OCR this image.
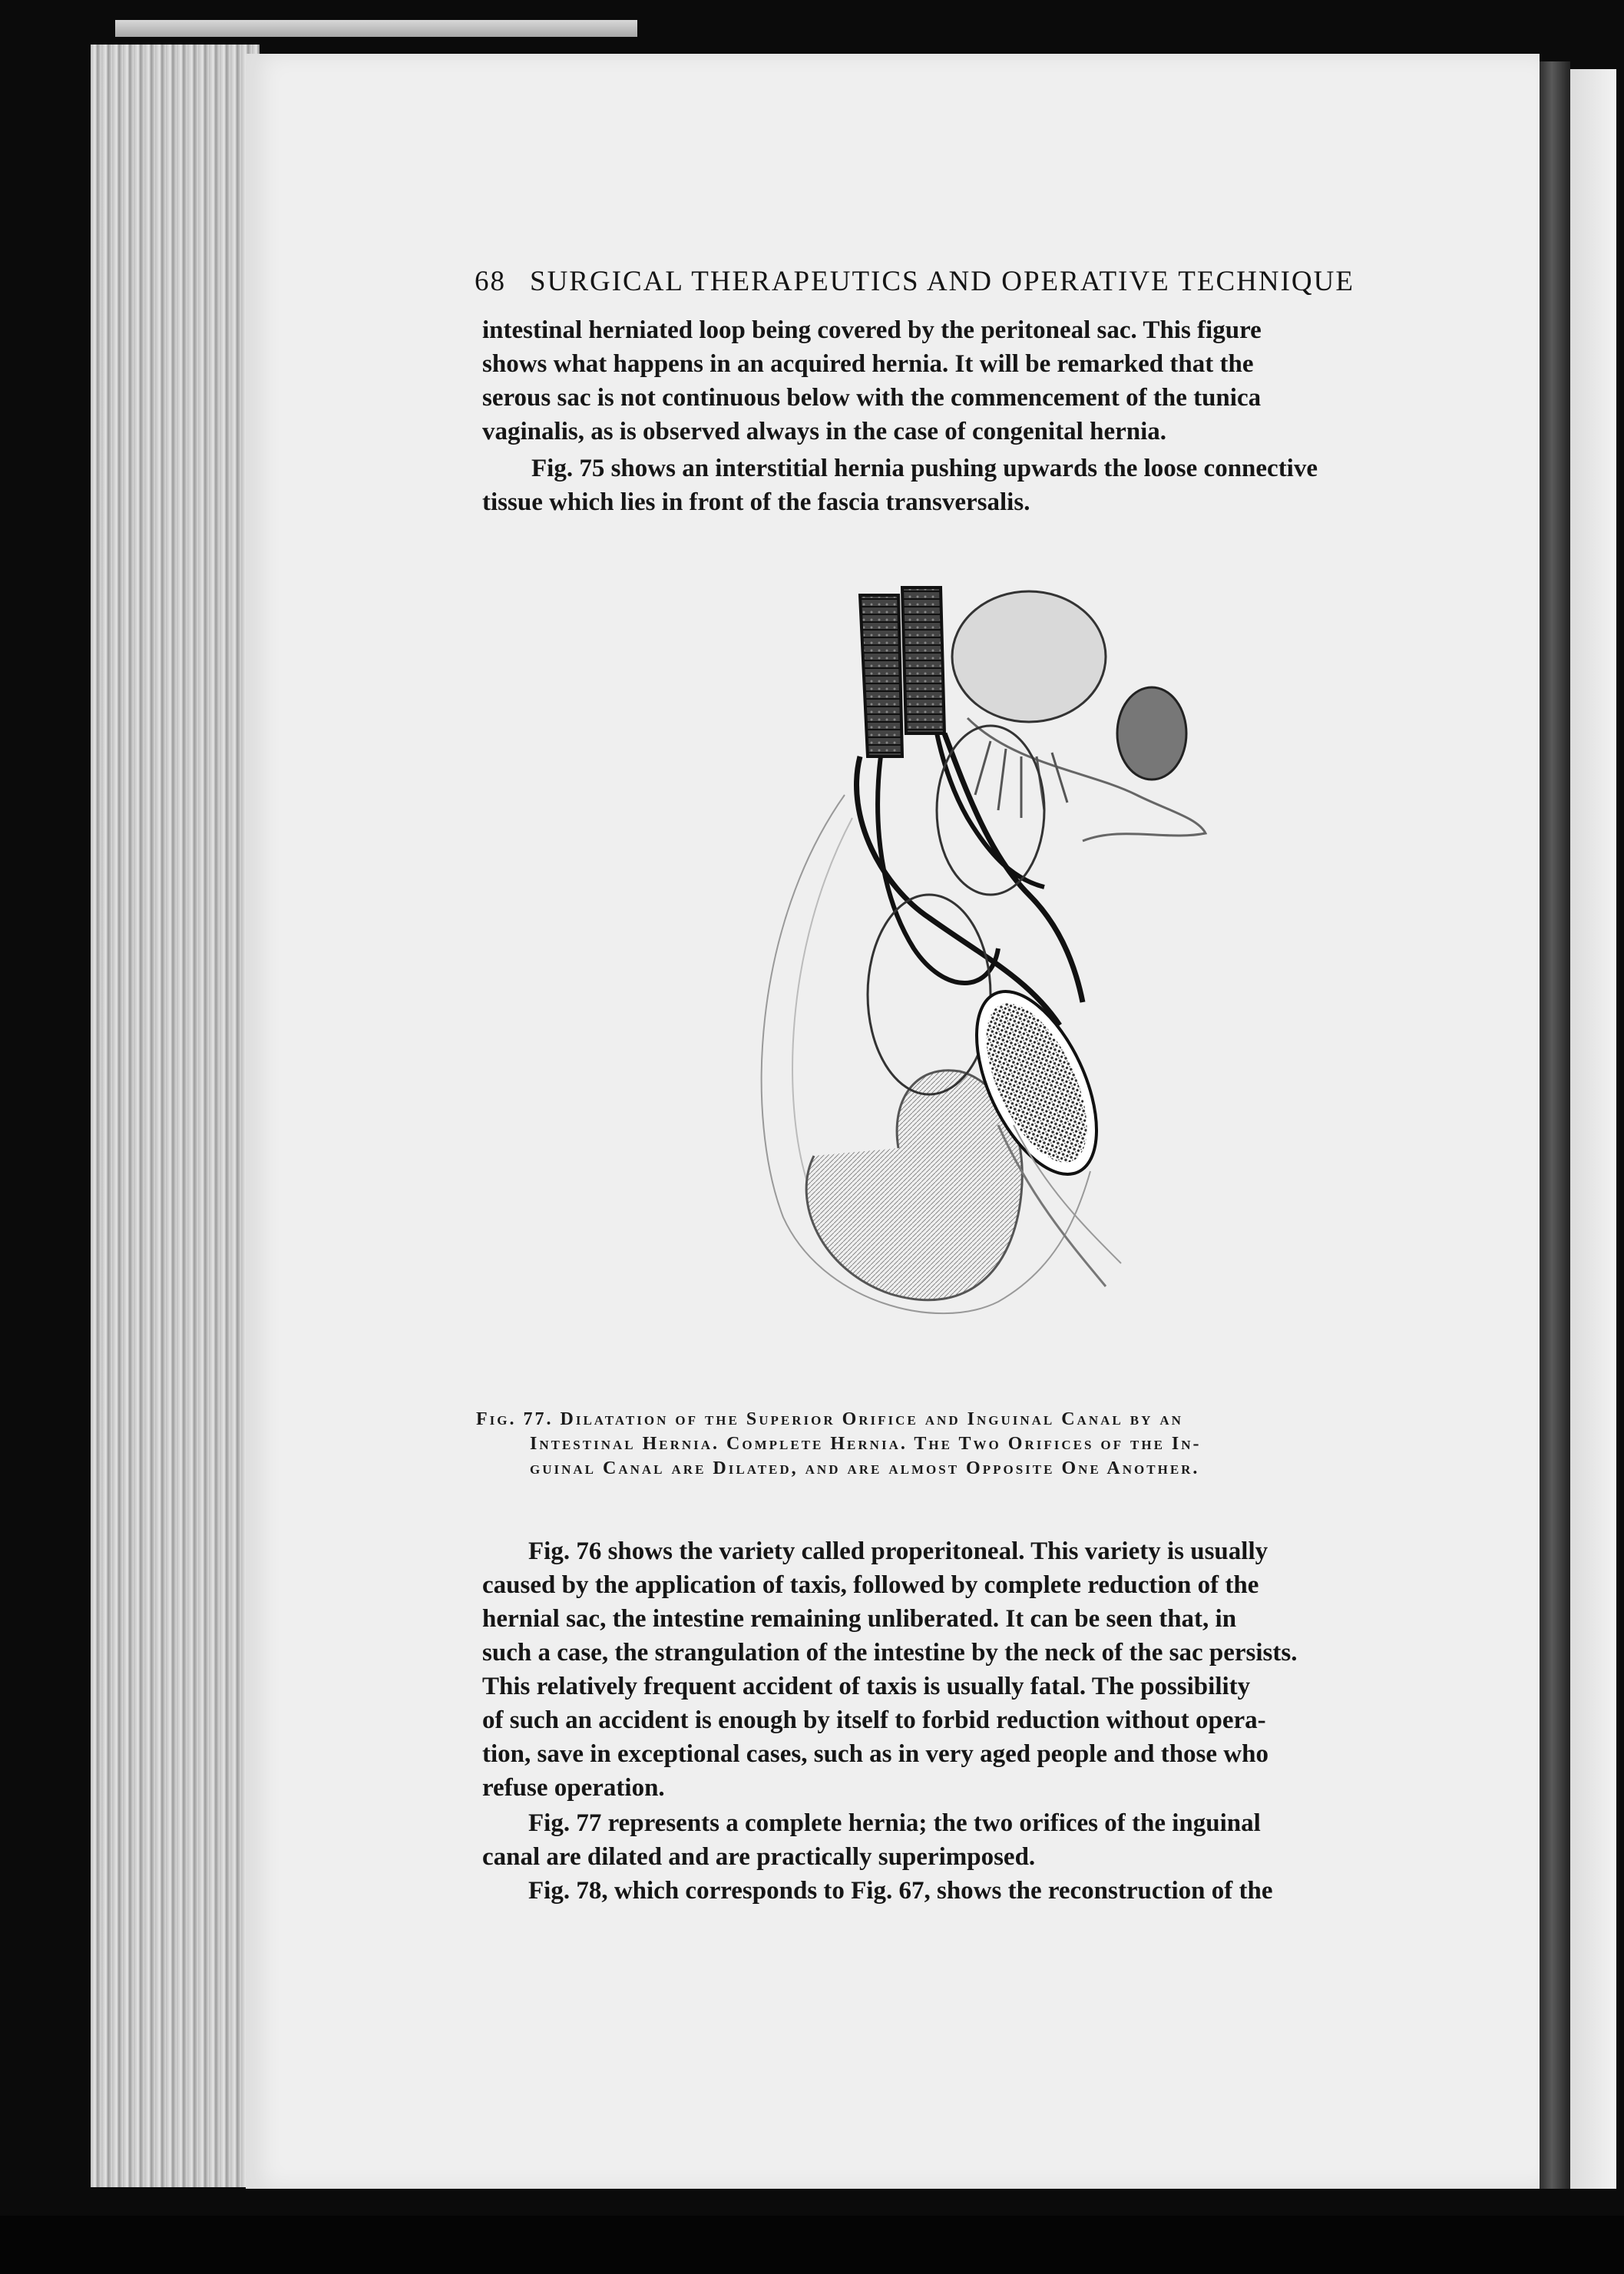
68 SURGICAL THERAPEUTICS AND OPERATIVE TECHNIQUE
intestinal herniated loop being covered by the peritoneal sac. This figure
shows what happens in an acquired hernia. It will be remarked that the
serous sac is not continuous below with the commencement of the tunica
vaginalis, as is observed always in the case of congenital hernia.
Fig. 75 shows an interstitial hernia pushing upwards the loose connective
tissue which lies in front of the fascia transversalis.
Fig. 77. Dilatation of the Superior Orifice and Inguinal Canal by an
Intestinal Hernia. Complete Hernia. The Two Orifices of the In-
guinal Canal are Dilated, and are almost Opposite One Another.
Fig. 76 shows the variety called properitoneal. This variety is usually
caused by the application of taxis, followed by complete reduction of the
hernial sac, the intestine remaining unliberated. It can be seen that, in
such a case, the strangulation of the intestine by the neck of the sac persists.
This relatively frequent accident of taxis is usually fatal. The possibility
of such an accident is enough by itself to forbid reduction without opera-
tion, save in exceptional cases, such as in very aged people and those who
refuse operation.
Fig. 77 represents a complete hernia; the two orifices of the inguinal
canal are dilated and are practically superimposed.
Fig. 78, which corresponds to Fig. 67, shows the reconstruction of the
